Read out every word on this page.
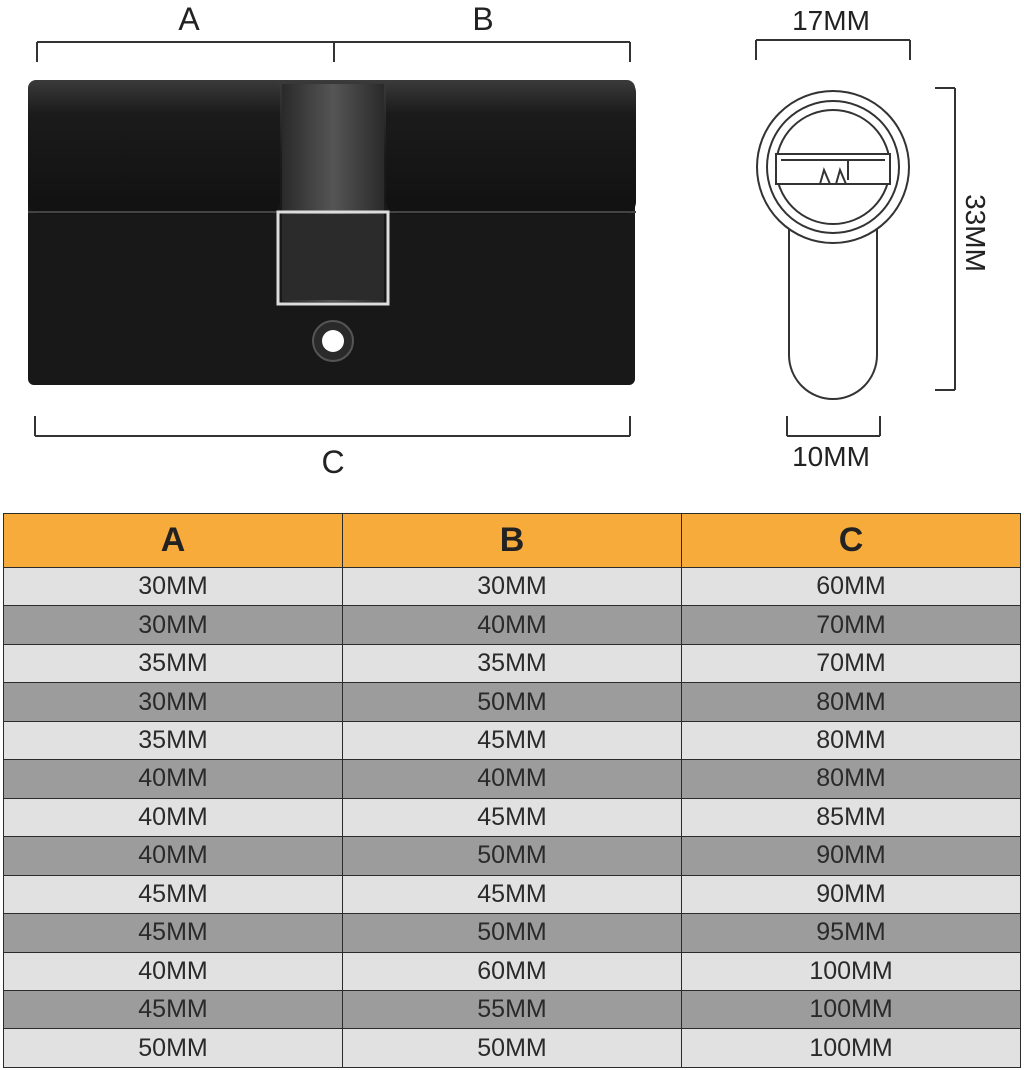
A	B
C
17MM
33MM
10MM
A	B	C
30MM	30MM	60MM
30MM	40MM	70MM
35MM	35MM	70MM
30MM	50MM	80MM
35MM	45MM	80MM
40MM	40MM	80MM
40MM	45MM	85MM
40MM	50MM	90MM
45MM	45MM	90MM
45MM	50MM	95MM
40MM	60MM	100MM
45MM	55MM	100MM
50MM	50MM	100MM
